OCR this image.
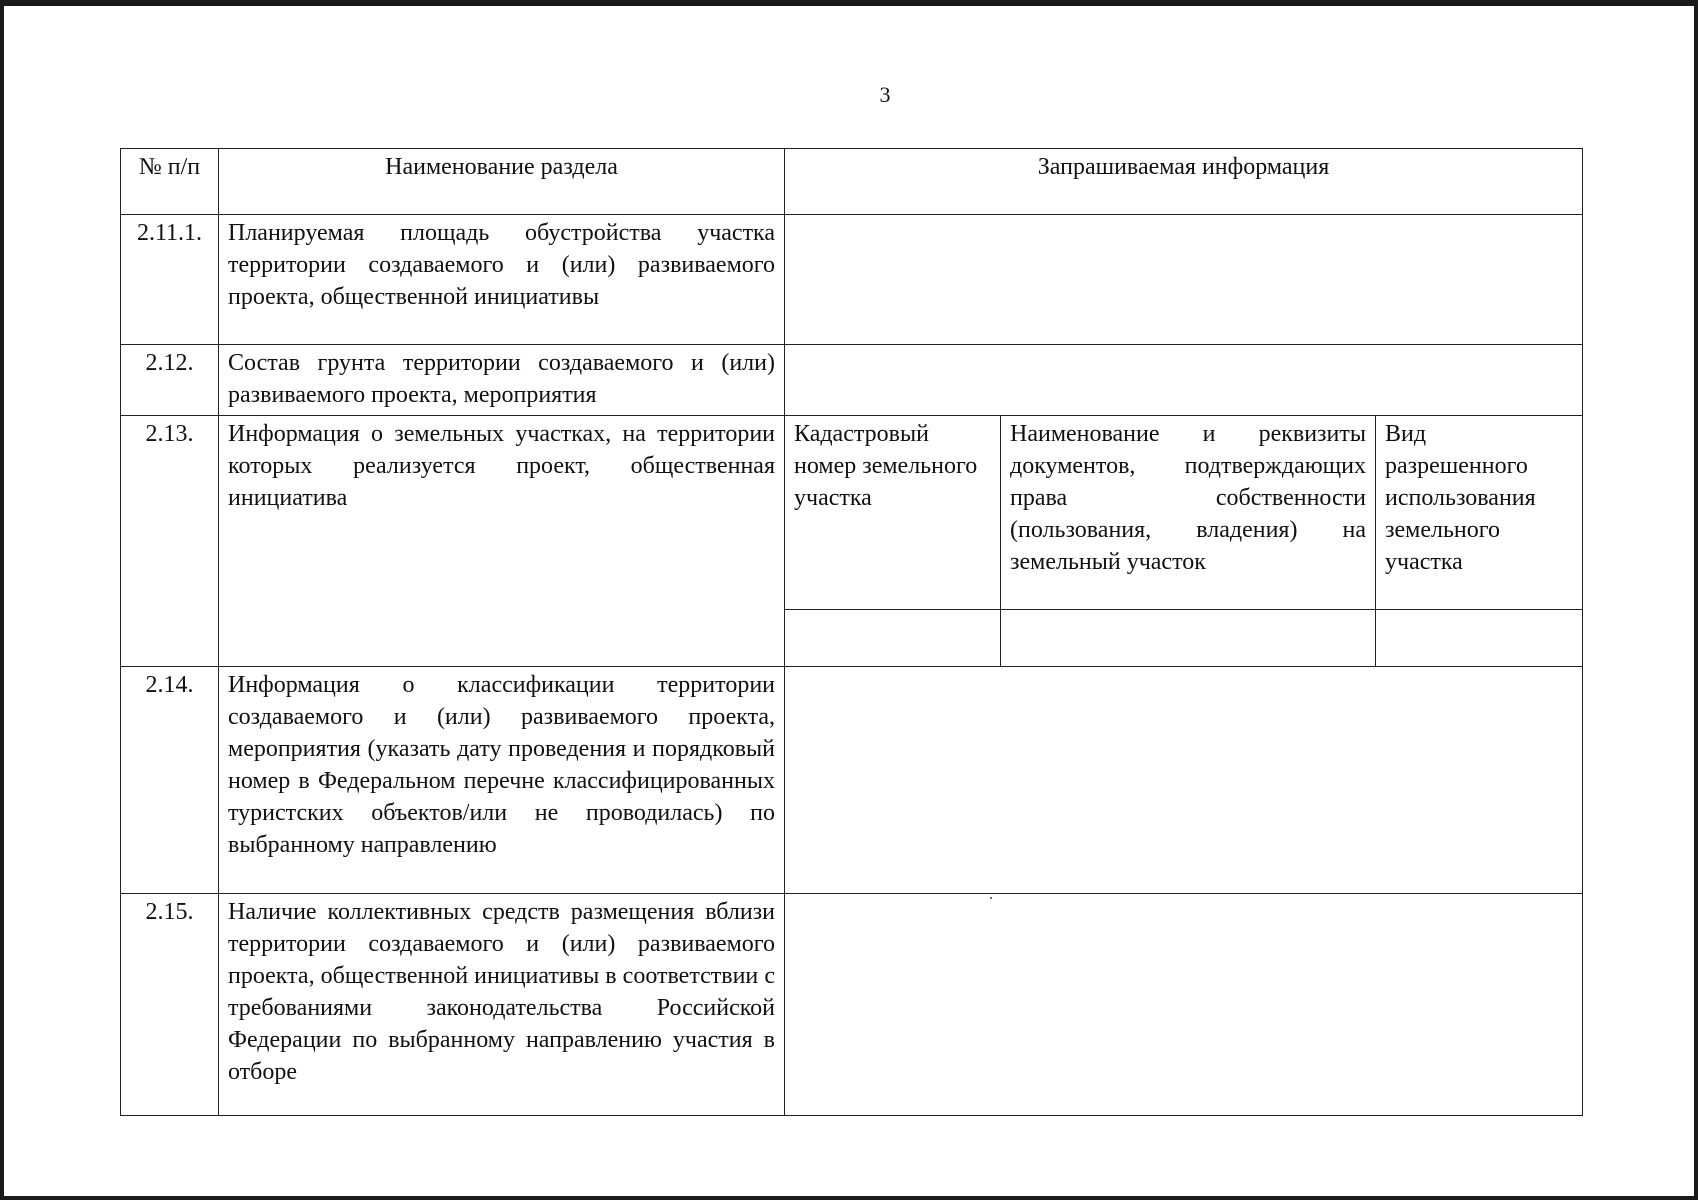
3
№ п/п	Наименование раздела	Запрашиваемая информация		
2.11.1.	Планируемая площадь обустройства участка территории создаваемого и (или) развиваемого проекта, общественной инициативы			
2.12.	Состав грунта территории создаваемого и (или) развиваемого проекта, мероприятия			
2.13.	Информация о земельных участках, на территории которых реализуется проект, общественная инициатива	Кадастровый номер земельного участка	Наименование и реквизиты документов, подтверждающих права собственности (пользования, владения) на земельный участок	Вид разрешенного использования земельного участка

2.14.	Информация о классификации территории создаваемого и (или) развиваемого проекта, мероприятия (указать дату проведения и порядковый номер в Федеральном перечне классифицированных туристских объектов/или не проводилась) по выбранному направлению			
2.15.	Наличие коллективных средств размещения вблизи территории создаваемого и (или) развиваемого проекта, общественной инициативы в соответствии с требованиями законодательства Российской Федерации по выбранному направлению участия в отборе			
